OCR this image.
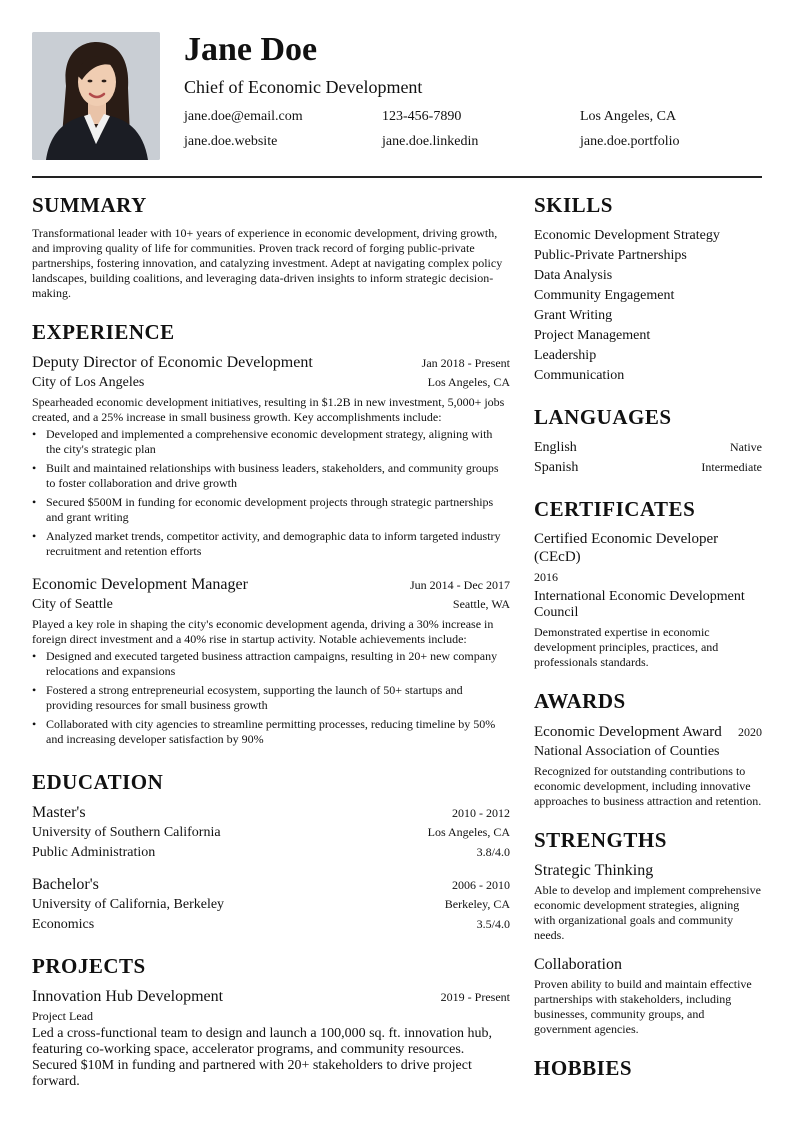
Jane Doe
Chief of Economic Development
jane.doe@email.com	123-456-7890	Los Angeles, CA
jane.doe.website	jane.doe.linkedin	jane.doe.portfolio
SUMMARY

Transformational leader with 10+ years of experience in economic development, driving growth, and improving quality of life for communities. Proven track record of forging public-private partnerships, fostering innovation, and catalyzing investment. Adept at navigating complex policy landscapes, building coalitions, and leveraging data-driven insights to inform strategic decision-making.

EXPERIENCE
Deputy Director of Economic Development	Jan 2018 - Present
City of Los Angeles	Los Angeles, CA

Spearheaded economic development initiatives, resulting in $1.2B in new investment, 5,000+ jobs created, and a 25% increase in small business growth. Key accomplishments include:

• Developed and implemented a comprehensive economic development strategy, aligning with the city's strategic plan
• Built and maintained relationships with business leaders, stakeholders, and community groups to foster collaboration and drive growth
• Secured $500M in funding for economic development projects through strategic partnerships and grant writing
• Analyzed market trends, competitor activity, and demographic data to inform targeted industry recruitment and retention efforts
Economic Development Manager	Jun 2014 - Dec 2017
City of Seattle	Seattle, WA

Played a key role in shaping the city's economic development agenda, driving a 30% increase in foreign direct investment and a 40% rise in startup activity. Notable achievements include:

• Designed and executed targeted business attraction campaigns, resulting in 20+ new company relocations and expansions
• Fostered a strong entrepreneurial ecosystem, supporting the launch of 50+ startups and providing resources for small business growth
• Collaborated with city agencies to streamline permitting processes, reducing timeline by 50% and increasing developer satisfaction by 90%
EDUCATION
Master's	2010 - 2012
University of Southern California	Los Angeles, CA
Public Administration	3.8/4.0
Bachelor's	2006 - 2010
University of California, Berkeley	Berkeley, CA
Economics	3.5/4.0
PROJECTS
Innovation Hub Development	2019 - Present
Project Lead

Led a cross-functional team to design and launch a 100,000 sq. ft. innovation hub, featuring co-working space, accelerator programs, and community resources. Secured $10M in funding and partnered with 20+ stakeholders to drive project forward.

SKILLS
Economic Development Strategy
Public-Private Partnerships
Data Analysis
Community Engagement
Grant Writing
Project Management
Leadership
Communication
LANGUAGES
English	Native
Spanish	Intermediate
CERTIFICATES
Certified Economic Developer (CEcD)
2016
International Economic Development Council

Demonstrated expertise in economic development principles, practices, and professionals standards.

AWARDS
Economic Development Award 2020
National Association of Counties

Recognized for outstanding contributions to economic development, including innovative approaches to business attraction and retention.

STRENGTHS
Strategic Thinking

Able to develop and implement comprehensive economic development strategies, aligning with organizational goals and community needs.

Collaboration

Proven ability to build and maintain effective partnerships with stakeholders, including businesses, community groups, and government agencies.

HOBBIES
